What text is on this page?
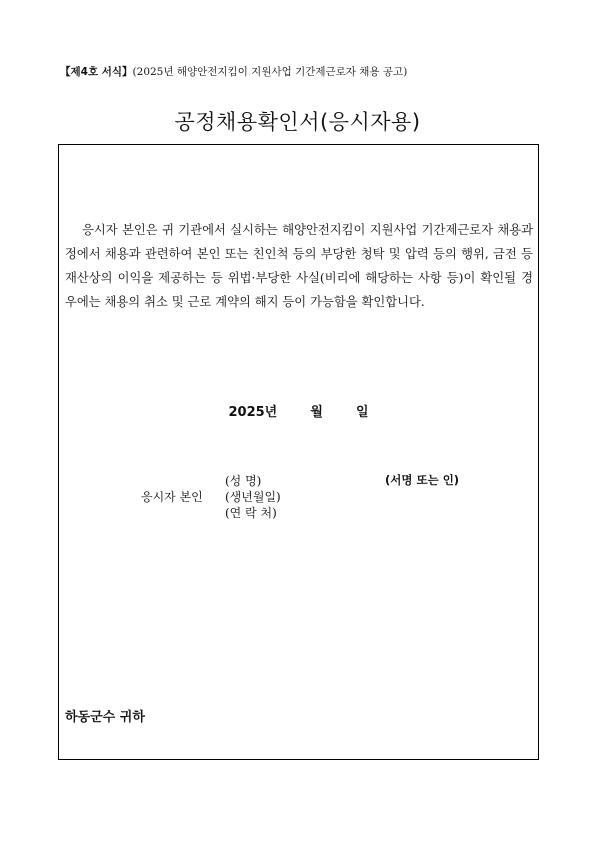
【제4호 서식】(2025년 해양안전지킴이 지원사업 기간제근로자 채용 공고)
공정채용확인서(응시자용)
응시자 본인은 귀 기관에서 실시하는 해양안전지킴이 지원사업 기간제근로자 채용과정에서 채용과 관련하여 본인 또는 친인척 등의 부당한 청탁 및 압력 등의 행위, 금전 등 재산상의 이익을 제공하는 등 위법·부당한 사실(비리에 해당하는 사항 등)이 확인될 경우에는 채용의 취소 및 근로 계약의 해지 등이 가능함을 확인합니다.
2025년	월	일
응시자 본인
(성 명)
(생년월일)
(연 락 처)
(서명 또는 인)
하동군수 귀하
